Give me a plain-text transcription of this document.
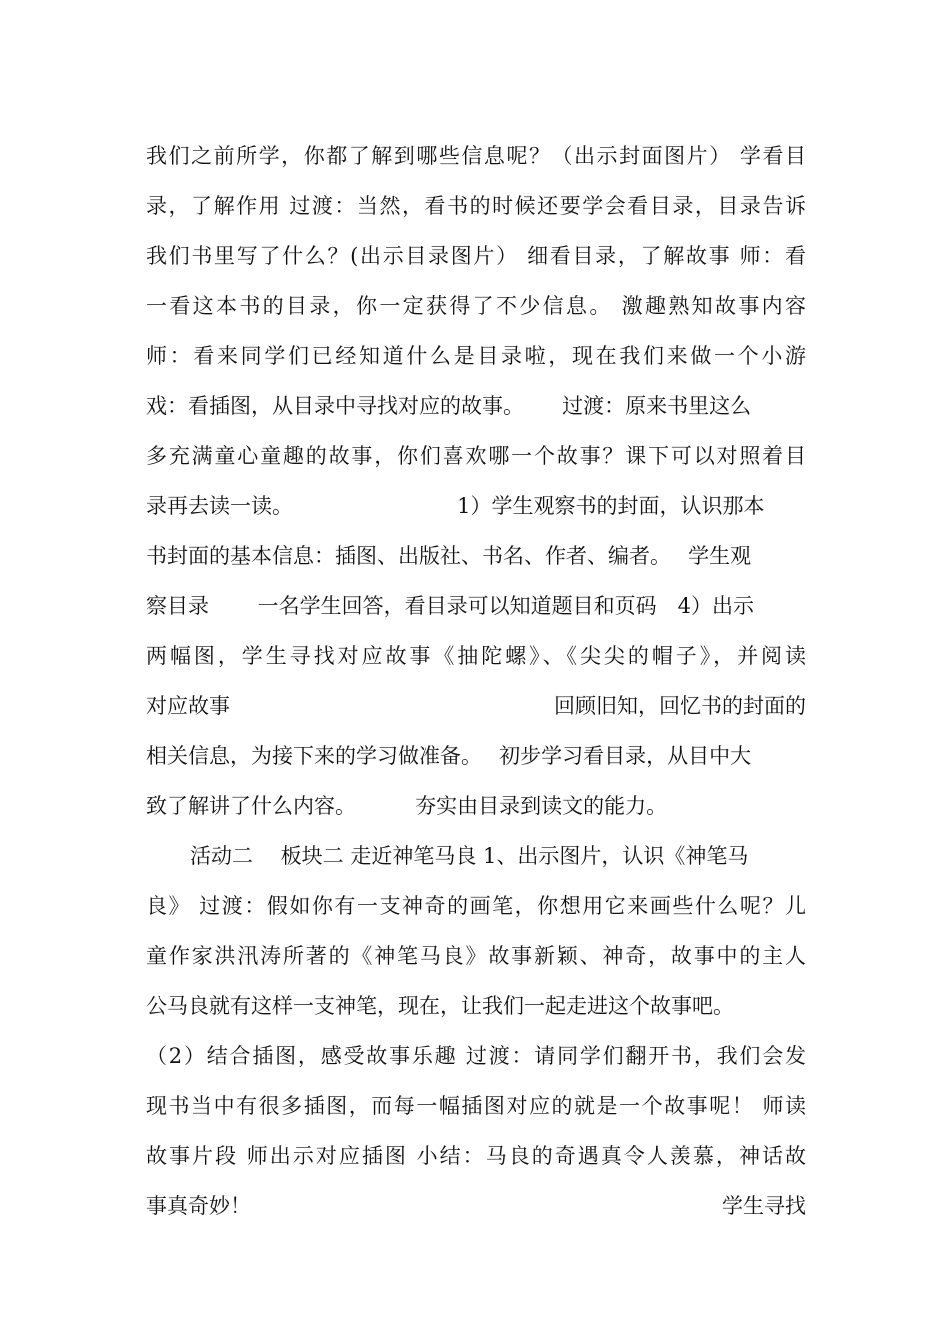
我们之前所学，你都了解到哪些信息呢？（出示封面图片） 学看目
录，了解作用 过渡：当然，看书的时候还要学会看目录，目录告诉
我们书里写了什么？(出示目录图片） 细看目录，了解故事 师：看
一看这本书的目录，你一定获得了不少信息。 激趣熟知故事内容
师：看来同学们已经知道什么是目录啦，现在我们来做一个小游
戏：看插图，从目录中寻找对应的故事。　　 过渡：原来书里这么
多充满童心童趣的故事，你们喜欢哪一个故事？课下可以对照着目
录再去读一读。　　　　　　　　 1）学生观察书的封面，认识那本
书封面的基本信息：插图、出版社、书名、作者、编者。　 学生观
察目录　　 一名学生回答，看目录可以知道题目和页码　4）出示
两幅图，学生寻找对应故事《抽陀螺》、《尖尖的帽子》，并阅读
对应故事	回顾旧知，回忆书的封面的
相关信息，为接下来的学习做准备。　 初步学习看目录，从目中大
致了解讲了什么内容。　　　 夯实由目录到读文的能力。
活动二　 板块二 走近神笔马良 1、出示图片，认识《神笔马
良》 过渡：假如你有一支神奇的画笔，你想用它来画些什么呢？儿
童作家洪汛涛所著的《神笔马良》故事新颖、神奇，故事中的主人
公马良就有这样一支神笔，现在，让我们一起走进这个故事吧。
（2）结合插图，感受故事乐趣 过渡：请同学们翻开书，我们会发
现书当中有很多插图，而每一幅插图对应的就是一个故事呢！ 师读
故事片段 师出示对应插图 小结：马良的奇遇真令人羡慕，神话故
事真奇妙！	学生寻找
